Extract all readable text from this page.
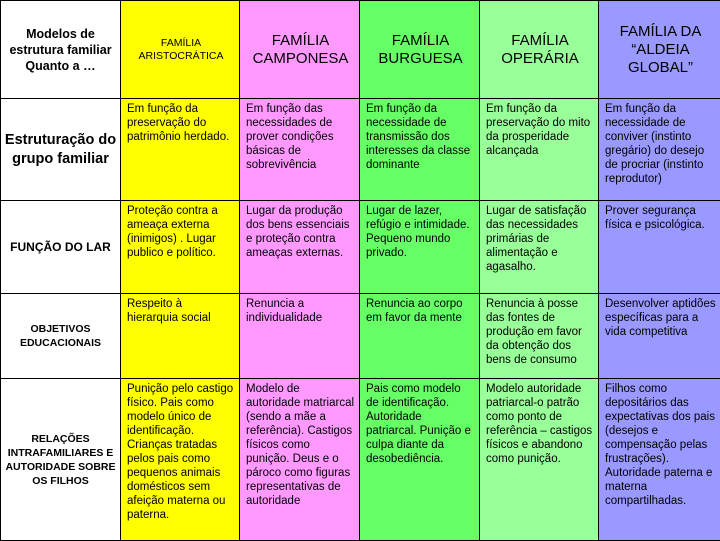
Modelos de estrutura familiar Quanto a …	FAMÍLIA ARISTOCRÁTICA	FAMÍLIA CAMPONESA	FAMÍLIA BURGUESA	FAMÍLIA OPERÁRIA	FAMÍLIA DA “ALDEIA GLOBAL”
Estruturação do grupo familiar	Em função da preservação do patrimônio herdado.	Em função das necessidades de prover condições básicas de sobrevivência	Em função da necessidade de transmissão dos interesses da classe dominante	Em função da preservação do mito da prosperidade alcançada	Em função da necessidade de conviver (instinto gregário) do desejo de procriar (instinto reprodutor)
FUNÇÃO DO LAR	Proteção contra a ameaça externa (inimigos) . Lugar publico e político.	Lugar da produção dos bens essenciais e proteção contra ameaças externas.	Lugar de lazer, refúgio e intimidade. Pequeno mundo privado.	Lugar de satisfação das necessidades primárias de alimentação e agasalho.	Prover segurança física e psicológica.
OBJETIVOS EDUCACIONAIS	Respeito à hierarquia social	Renuncia a individualidade	Renuncia ao corpo em favor da mente	Renuncia à posse das fontes de produção em favor da obtenção dos bens de consumo	Desenvolver aptidões específicas para a vida competitiva
RELAÇÕES INTRAFAMILIARES E AUTORIDADE SOBRE OS FILHOS	Punição pelo castigo físico. Pais como modelo único de identificação. Crianças tratadas pelos pais como pequenos animais domésticos sem afeição materna ou paterna.	Modelo de autoridade matriarcal (sendo a mãe a referência). Castigos físicos como punição. Deus e o pároco como figuras representativas de autoridade	Pais como modelo de identificação. Autoridade patriarcal. Punição e culpa diante da desobediência.	Modelo autoridade patriarcal-o patrão como ponto de referência – castigos físicos e abandono como punição.	Filhos como depositários das expectativas dos pais (desejos e compensação pelas frustrações). Autoridade paterna e materna compartilhadas.
